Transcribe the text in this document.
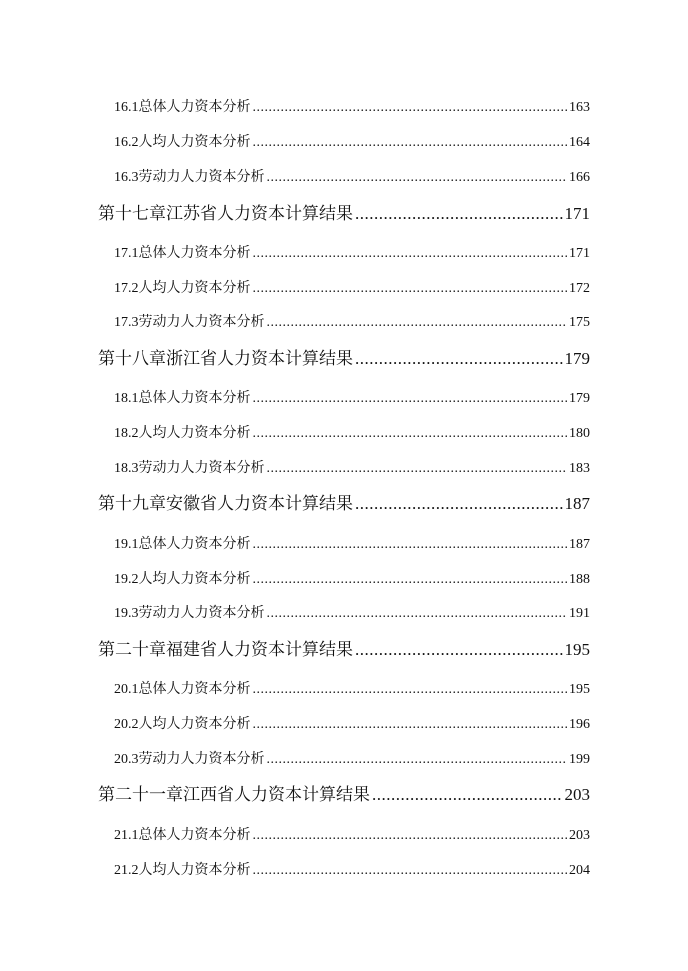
16.1 总体人力资本分析 .....	163
16.2 人均人力资本分析 .....	164
16.3 劳动力人力资本分析 .....	166
第十七章 江苏省人力资本计算结果 .....	171
17.1 总体人力资本分析 .....	171
17.2 人均人力资本分析 .....	172
17.3 劳动力人力资本分析 .....	175
第十八章 浙江省人力资本计算结果 .....	179
18.1 总体人力资本分析 .....	179
18.2 人均人力资本分析 .....	180
18.3 劳动力人力资本分析 .....	183
第十九章 安徽省人力资本计算结果 .....	187
19.1 总体人力资本分析 .....	187
19.2 人均人力资本分析 .....	188
19.3 劳动力人力资本分析 .....	191
第二十章 福建省人力资本计算结果 .....	195
20.1 总体人力资本分析 .....	195
20.2 人均人力资本分析 .....	196
20.3 劳动力人力资本分析 .....	199
第二十一章 江西省人力资本计算结果 .....	203
21.1 总体人力资本分析 .....	203
21.2 人均人力资本分析 .....	204
